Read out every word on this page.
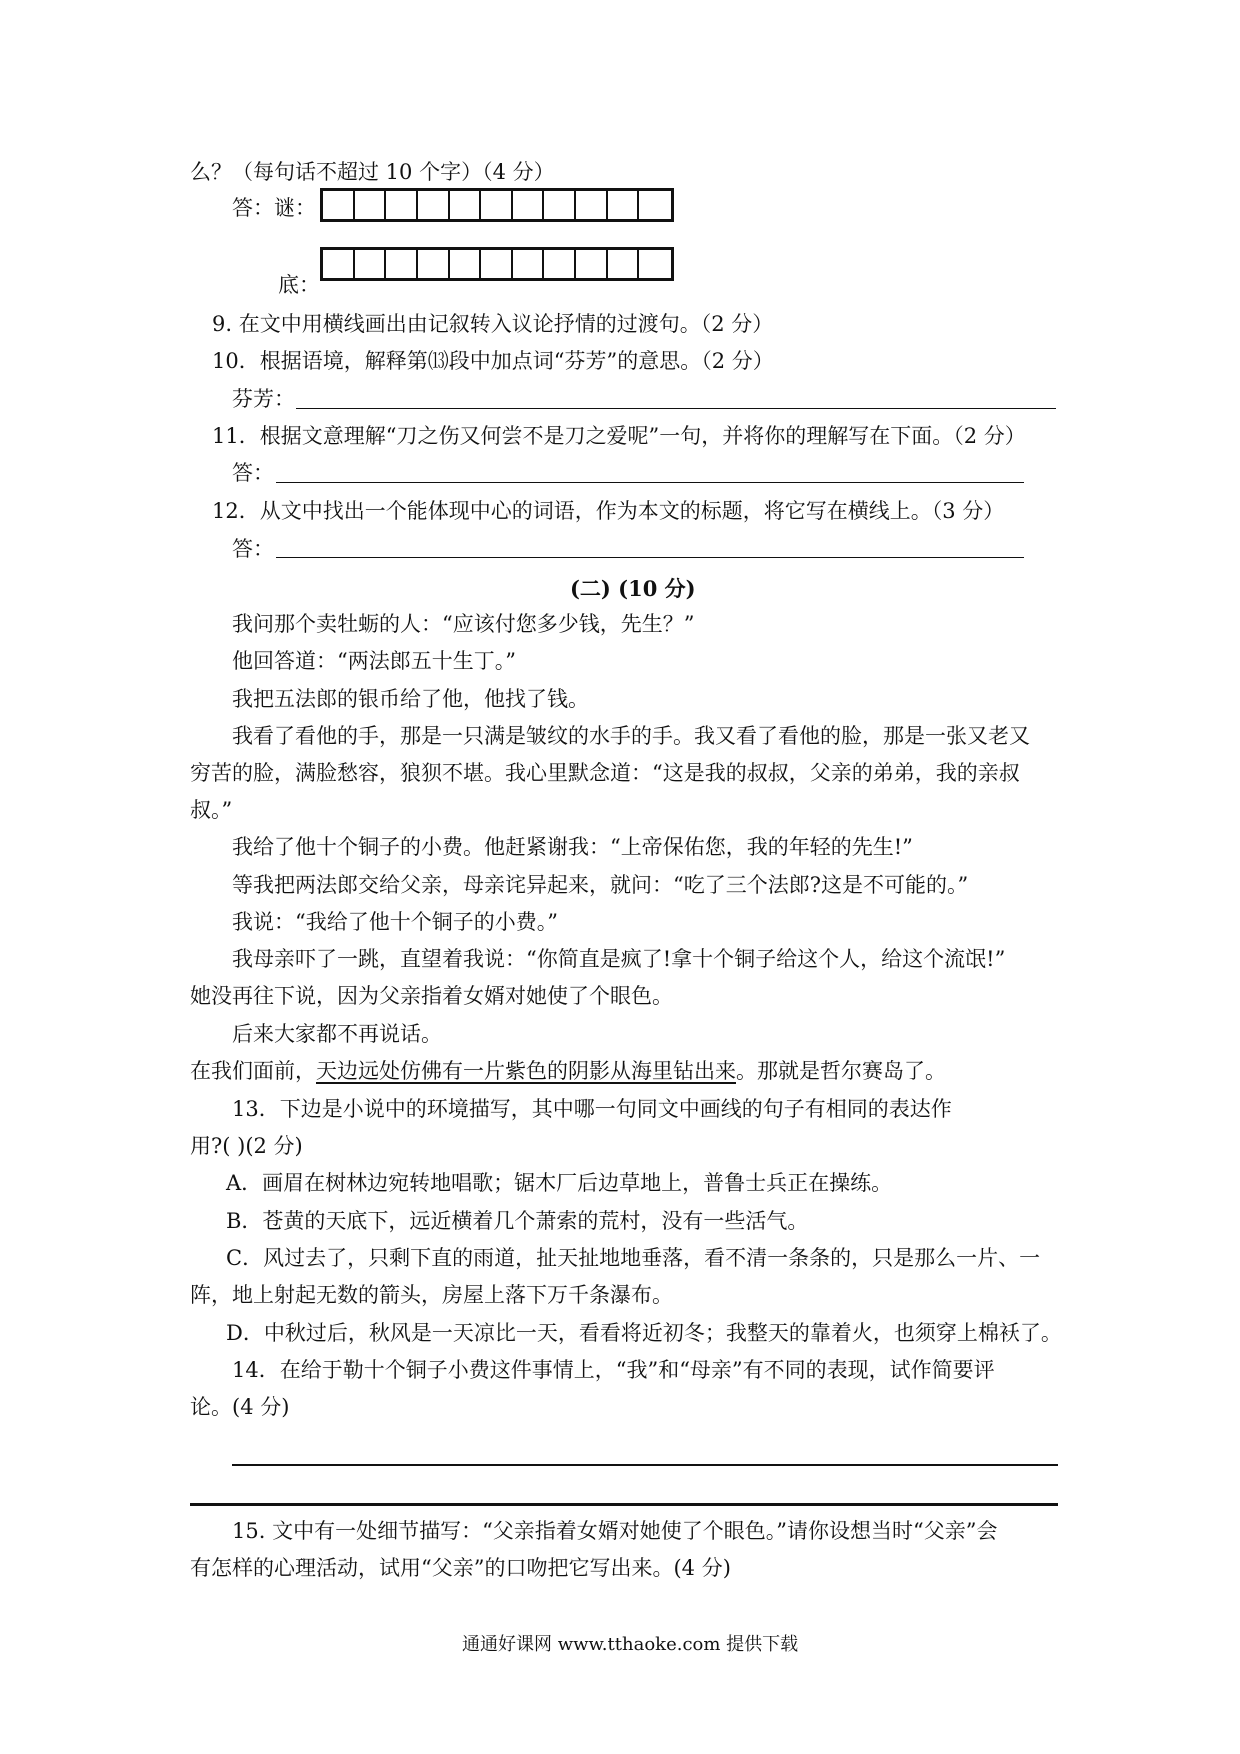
么？（每句话不超过 10 个字）（4 分）
答：谜：
底：
9. 在文中用横线画出由记叙转入议论抒情的过渡句。（2 分）
10．根据语境，解释第⒀段中加点词“芬芳”的意思。（2 分）
芬芳：
11．根据文意理解“刀之伤又何尝不是刀之爱呢”一句，并将你的理解写在下面。（2 分）
答：
12．从文中找出一个能体现中心的词语，作为本文的标题，将它写在横线上。（3 分）
答：
(二) (10 分)
我问那个卖牡蛎的人：“应该付您多少钱，先生？”
他回答道：“两法郎五十生丁。”
我把五法郎的银币给了他，他找了钱。
我看了看他的手，那是一只满是皱纹的水手的手。我又看了看他的脸，那是一张又老又
穷苦的脸，满脸愁容，狼狈不堪。我心里默念道：“这是我的叔叔，父亲的弟弟，我的亲叔
叔。”
我给了他十个铜子的小费。他赶紧谢我：“上帝保佑您，我的年轻的先生!”
等我把两法郎交给父亲，母亲诧异起来，就问：“吃了三个法郎?这是不可能的。”
我说：“我给了他十个铜子的小费。”
我母亲吓了一跳，直望着我说：“你简直是疯了!拿十个铜子给这个人，给这个流氓!”
她没再往下说，因为父亲指着女婿对她使了个眼色。
后来大家都不再说话。
在我们面前，天边远处仿佛有一片紫色的阴影从海里钻出来。那就是哲尔赛岛了。
13．下边是小说中的环境描写，其中哪一句同文中画线的句子有相同的表达作
用?( )(2 分)
A．画眉在树林边宛转地唱歌；锯木厂后边草地上，普鲁士兵正在操练。
B．苍黄的天底下，远近横着几个萧索的荒村，没有一些活气。
C．风过去了，只剩下直的雨道，扯天扯地地垂落，看不清一条条的，只是那么一片、一
阵，地上射起无数的箭头，房屋上落下万千条瀑布。
D．中秋过后，秋风是一天凉比一天，看看将近初冬；我整天的靠着火，也须穿上棉袄了。
14．在给于勒十个铜子小费这件事情上，“我”和“母亲”有不同的表现，试作简要评
论。(4 分)
15. 文中有一处细节描写：“父亲指着女婿对她使了个眼色。”请你设想当时“父亲”会
有怎样的心理活动，试用“父亲”的口吻把它写出来。(4 分)
通通好课网 www.tthaoke.com 提供下载
